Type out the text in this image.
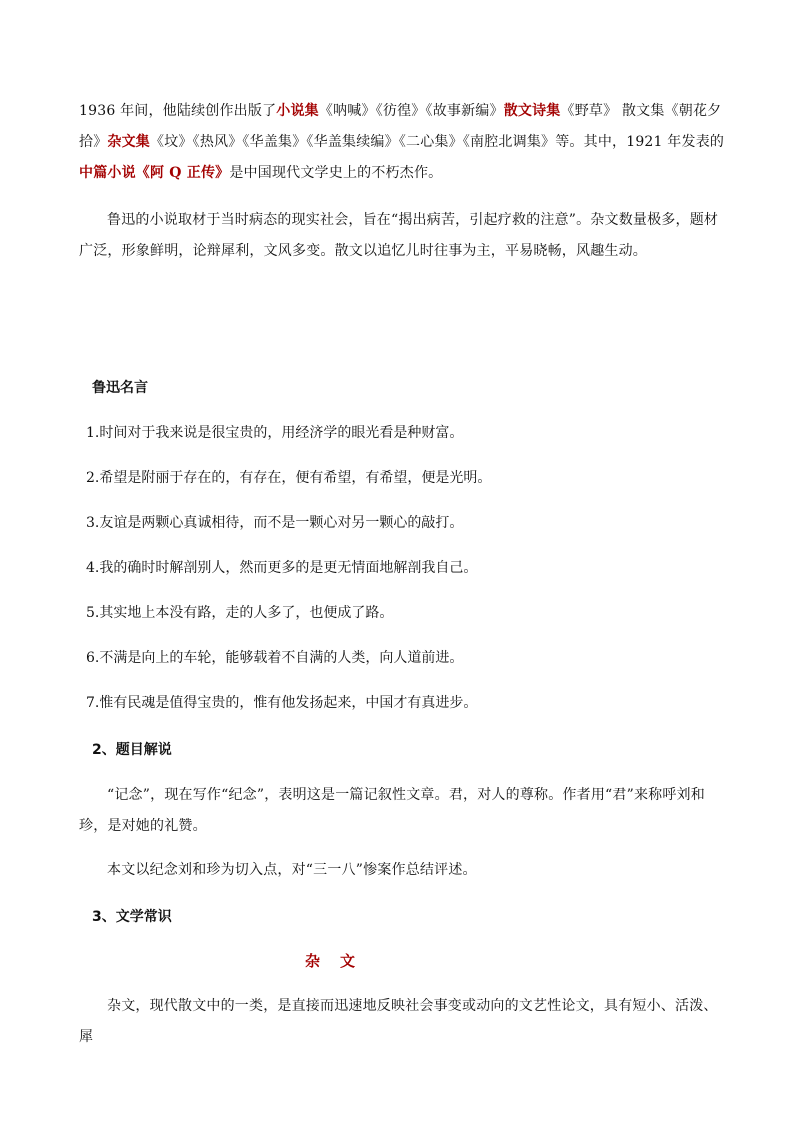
1936 年间，他陆续创作出版了小说集《呐喊》《彷徨》《故事新编》散文诗集《野草》 散文集《朝花夕拾》杂文集《坟》《热风》《华盖集》《华盖集续编》《二心集》《南腔北调集》等。其中，1921 年发表的中篇小说《阿 Q 正传》是中国现代文学史上的不朽杰作。

鲁迅的小说取材于当时病态的现实社会，旨在“揭出病苦，引起疗救的注意”。杂文数量极多，题材广泛，形象鲜明，论辩犀利，文风多变。散文以追忆儿时往事为主，平易晓畅，风趣生动。

鲁迅名言

1.时间对于我来说是很宝贵的，用经济学的眼光看是种财富。

2.希望是附丽于存在的，有存在，便有希望，有希望，便是光明。

3.友谊是两颗心真诚相待，而不是一颗心对另一颗心的敲打。

4.我的确时时解剖别人，然而更多的是更无情面地解剖我自己。

5.其实地上本没有路，走的人多了，也便成了路。

6.不满是向上的车轮，能够载着不自满的人类，向人道前进。

7.惟有民魂是值得宝贵的，惟有他发扬起来，中国才有真进步。

2、题目解说

“记念”，现在写作“纪念”，表明这是一篇记叙性文章。君，对人的尊称。作者用“君”来称呼刘和珍，是对她的礼赞。

本文以纪念刘和珍为切入点，对“三一八”惨案作总结评述。

3、文学常识

杂文

杂文，现代散文中的一类，是直接而迅速地反映社会事变或动向的文艺性论文，具有短小、活泼、犀
